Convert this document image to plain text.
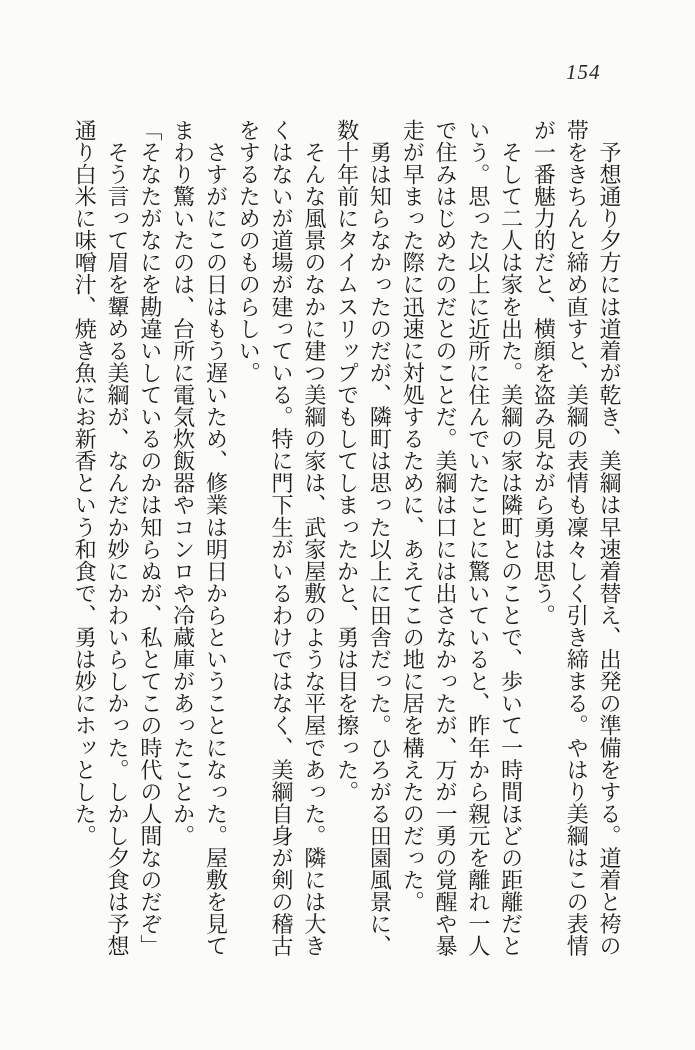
154
　予想通り夕方には道着が乾き、美綱は早速着替え、出発の準備をする。道着と袴の
帯をきちんと締め直すと、美綱の表情も凜々しく引き締まる。やはり美綱はこの表情
が一番魅力的だと、横顔を盗み見ながら勇は思う。
　そして二人は家を出た。美綱の家は隣町とのことで、歩いて一時間ほどの距離だと
いう。思った以上に近所に住んでいたことに驚いていると、昨年から親元を離れ一人
で住みはじめたのだとのことだ。美綱は口には出さなかったが、万が一勇の覚醒や暴
走が早まった際に迅速に対処するために、あえてこの地に居を構えたのだった。
　勇は知らなかったのだが、隣町は思った以上に田舎だった。ひろがる田園風景に、
数十年前にタイムスリップでもしてしまったかと、勇は目を擦った。
　そんな風景のなかに建つ美綱の家は、武家屋敷のような平屋であった。隣には大き
くはないが道場が建っている。特に門下生がいるわけではなく、美綱自身が剣の稽古
をするためのものらしい。
　さすがにこの日はもう遅いため、修業は明日からということになった。屋敷を見て
まわり驚いたのは、台所に電気炊飯器やコンロや冷蔵庫があったことか。
「そなたがなにを勘違いしているのかは知らぬが、私とてこの時代の人間なのだぞ」
　そう言って眉を顰める美綱が、なんだか妙にかわいらしかった。しかし夕食は予想
通り白米に味噌汁、焼き魚にお新香という和食で、勇は妙にホッとした。
